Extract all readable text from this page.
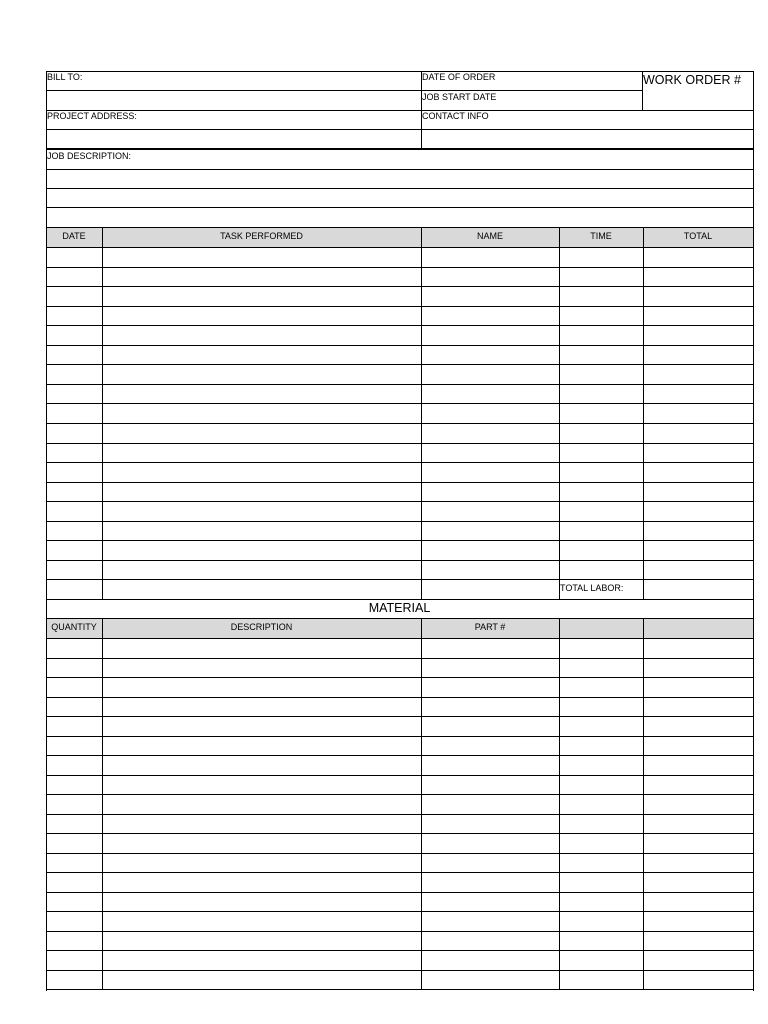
BILL TO:	DATE OF ORDER	WORK ORDER #
JOB START DATE
PROJECT ADDRESS:	CONTACT INFO
JOB DESCRIPTION:
DATE	TASK PERFORMED	NAME	TIME	TOTAL
TOTAL LABOR:
MATERIAL
QUANTITY	DESCRIPTION	PART #
